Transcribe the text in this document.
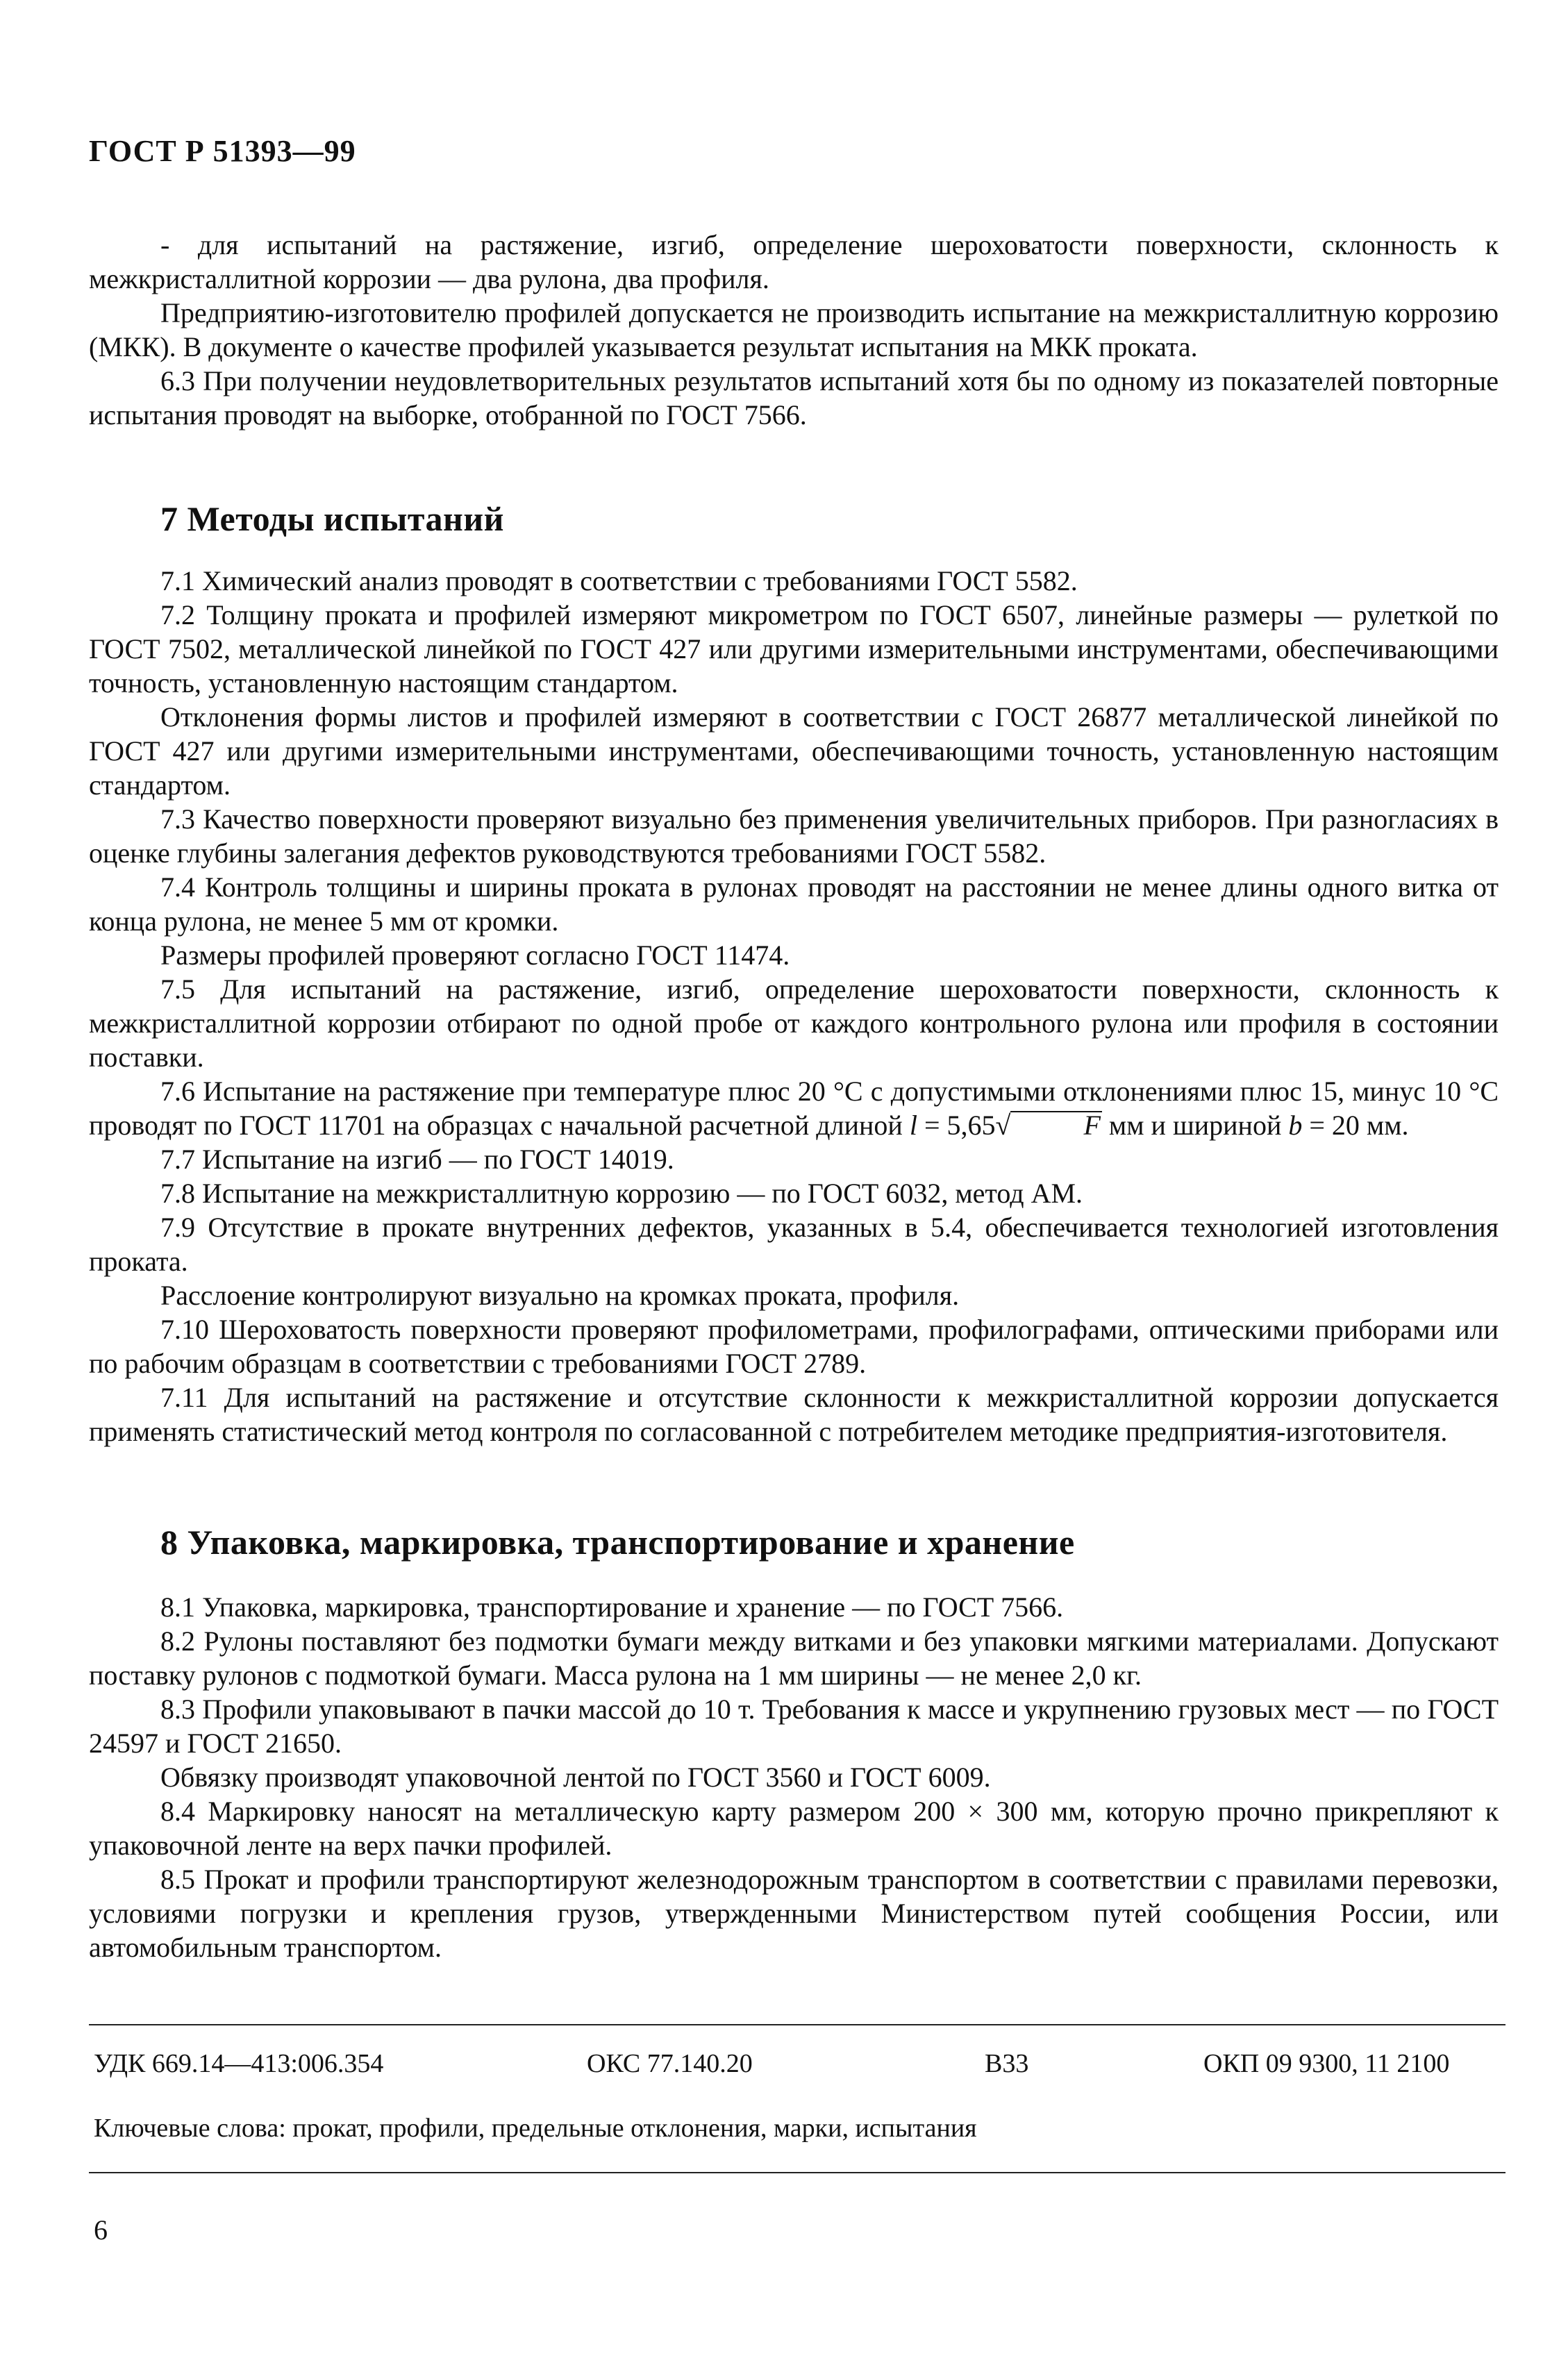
ГОСТ Р 51393—99

- для испытаний на растяжение, изгиб, определение шероховатости поверхности, склонность к межкристаллитной коррозии — два рулона, два профиля.

Предприятию-изготовителю профилей допускается не производить испытание на межкристаллитную коррозию (МКК). В документе о качестве профилей указывается результат испытания на МКК проката.

6.3 При получении неудовлетворительных результатов испытаний хотя бы по одному из показателей повторные испытания проводят на выборке, отобранной по ГОСТ 7566.

7 Методы испытаний

7.1 Химический анализ проводят в соответствии с требованиями ГОСТ 5582.

7.2 Толщину проката и профилей измеряют микрометром по ГОСТ 6507, линейные размеры — рулеткой по ГОСТ 7502, металлической линейкой по ГОСТ 427 или другими измерительными инструментами, обеспечивающими точность, установленную настоящим стандартом.

Отклонения формы листов и профилей измеряют в соответствии с ГОСТ 26877 металлической линейкой по ГОСТ 427 или другими измерительными инструментами, обеспечивающими точность, установленную настоящим стандартом.

7.3 Качество поверхности проверяют визуально без применения увеличительных приборов. При разногласиях в оценке глубины залегания дефектов руководствуются требованиями ГОСТ 5582.

7.4 Контроль толщины и ширины проката в рулонах проводят на расстоянии не менее длины одного витка от конца рулона, не менее 5 мм от кромки.

Размеры профилей проверяют согласно ГОСТ 11474.

7.5 Для испытаний на растяжение, изгиб, определение шероховатости поверхности, склонность к межкристаллитной коррозии отбирают по одной пробе от каждого контрольного рулона или профиля в состоянии поставки.

7.6 Испытание на растяжение при температуре плюс 20 °C с допустимыми отклонениями плюс 15, минус 10 °C проводят по ГОСТ 11701 на образцах с начальной расчетной длиной l = 5,65√	F мм и шириной b = 20 мм.

7.7 Испытание на изгиб — по ГОСТ 14019.

7.8 Испытание на межкристаллитную коррозию — по ГОСТ 6032, метод АМ.

7.9 Отсутствие в прокате внутренних дефектов, указанных в 5.4, обеспечивается технологией изготовления проката.

Расслоение контролируют визуально на кромках проката, профиля.

7.10 Шероховатость поверхности проверяют профилометрами, профилографами, оптическими приборами или по рабочим образцам в соответствии с требованиями ГОСТ 2789.

7.11 Для испытаний на растяжение и отсутствие склонности к межкристаллитной коррозии допускается применять статистический метод контроля по согласованной с потребителем методике предприятия-изготовителя.

8 Упаковка, маркировка, транспортирование и хранение

8.1 Упаковка, маркировка, транспортирование и хранение — по ГОСТ 7566.

8.2 Рулоны поставляют без подмотки бумаги между витками и без упаковки мягкими материалами. Допускают поставку рулонов с подмоткой бумаги. Масса рулона на 1 мм ширины — не менее 2,0 кг.

8.3 Профили упаковывают в пачки массой до 10 т. Требования к массе и укрупнению грузовых мест — по ГОСТ 24597 и ГОСТ 21650.

Обвязку производят упаковочной лентой по ГОСТ 3560 и ГОСТ 6009.

8.4 Маркировку наносят на металлическую карту размером 200 × 300 мм, которую прочно прикрепляют к упаковочной ленте на верх пачки профилей.

8.5 Прокат и профили транспортируют железнодорожным транспортом в соответствии с правилами перевозки, условиями погрузки и крепления грузов, утвержденными Министерством путей сообщения России, или автомобильным транспортом.

УДК 669.14—413:006.354	ОКС 77.140.20	В33	ОКП 09 9300, 11 2100
Ключевые слова: прокат, профили, предельные отклонения, марки, испытания
6
